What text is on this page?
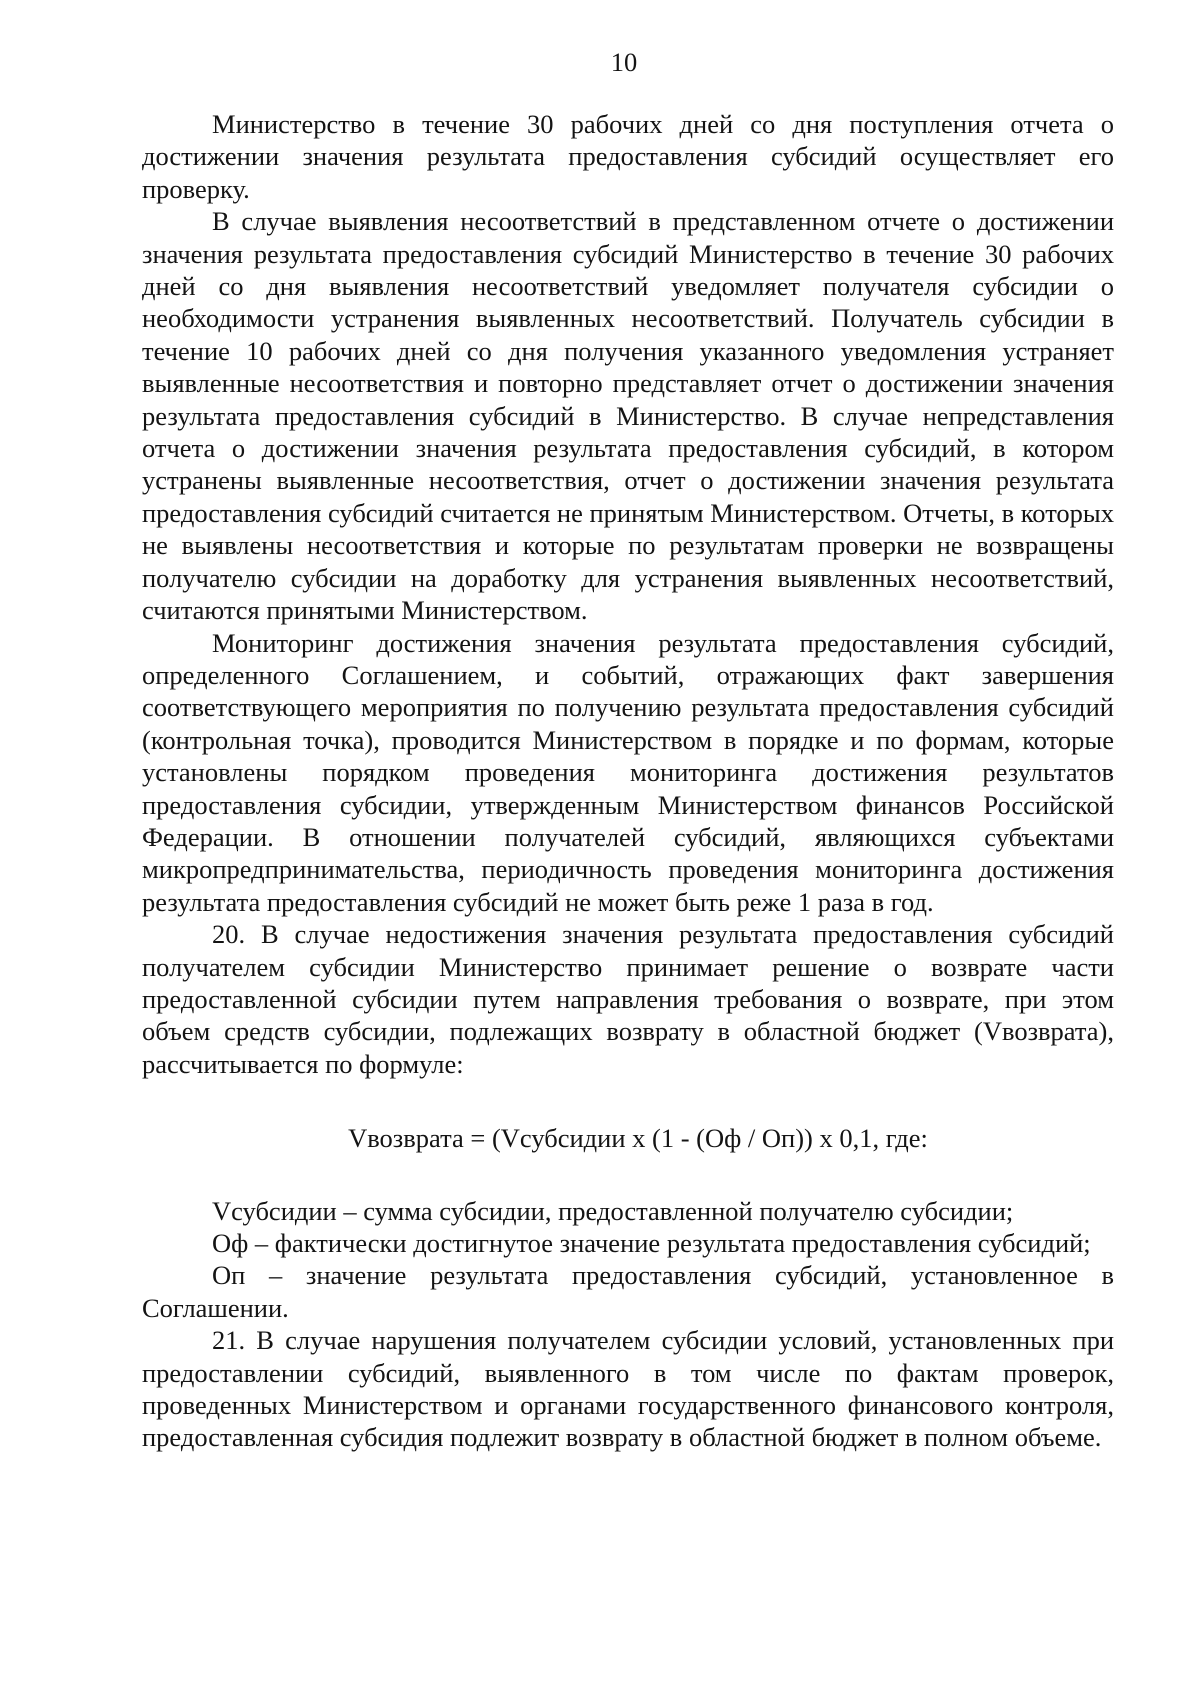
10

Министерство в течение 30 рабочих дней со дня поступления отчета о достижении значения результата предоставления субсидий осуществляет его проверку.

В случае выявления несоответствий в представленном отчете о достижении значения результата предоставления субсидий Министерство в течение 30 рабочих дней со дня выявления несоответствий уведомляет получателя субсидии о необходимости устранения выявленных несоответствий. Получатель субсидии в течение 10 рабочих дней со дня получения указанного уведомления устраняет выявленные несоответствия и повторно представляет отчет о достижении значения результата предоставления субсидий в Министерство. В случае непредставления отчета о достижении значения результата предоставления субсидий, в котором устранены выявленные несоответствия, отчет о достижении значения результата предоставления субсидий считается не принятым Министерством. Отчеты, в которых не выявлены несоответствия и которые по результатам проверки не возвращены получателю субсидии на доработку для устранения выявленных несоответствий, считаются принятыми Министерством.

Мониторинг достижения значения результата предоставления субсидий, определенного Соглашением, и событий, отражающих факт завершения соответствующего мероприятия по получению результата предоставления субсидий (контрольная точка), проводится Министерством в порядке и по формам, которые установлены порядком проведения мониторинга достижения результатов предоставления субсидии, утвержденным Министерством финансов Российской Федерации. В отношении получателей субсидий, являющихся субъектами микропредпринимательства, периодичность проведения мониторинга достижения результата предоставления субсидий не может быть реже 1 раза в год.

20. В случае недостижения значения результата предоставления субсидий получателем субсидии Министерство принимает решение о возврате части предоставленной субсидии путем направления требования о возврате, при этом объем средств субсидии, подлежащих возврату в областной бюджет (Vвозврата), рассчитывается по формуле:

Vвозврата = (Vсубсидии x (1 - (Оф / Оп)) x 0,1, где:

Vсубсидии – сумма субсидии, предоставленной получателю субсидии;

Оф – фактически достигнутое значение результата предоставления субсидий;

Оп – значение результата предоставления субсидий, установленное в Соглашении.

21. В случае нарушения получателем субсидии условий, установленных при предоставлении субсидий, выявленного в том числе по фактам проверок, проведенных Министерством и органами государственного финансового контроля, предоставленная субсидия подлежит возврату в областной бюджет в полном объеме.
